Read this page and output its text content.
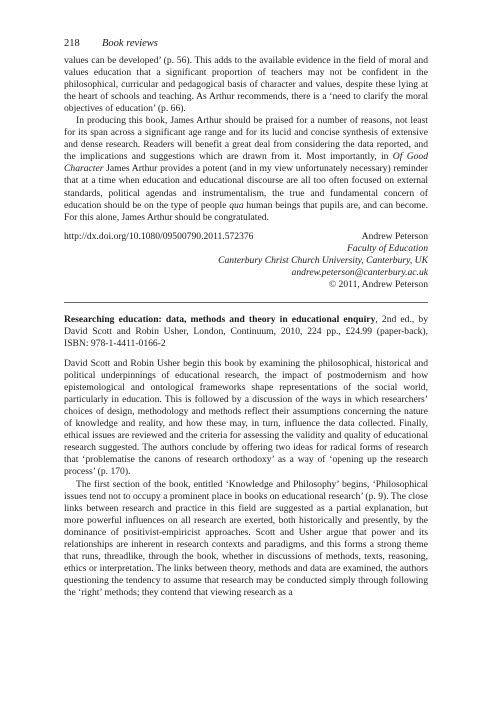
218 Book reviews

values can be developed’ (p. 56). This adds to the available evidence in the field of moral and values education that a significant proportion of teachers may not be confident in the philosophical, curricular and pedagogical basis of character and values, despite these lying at the heart of schools and teaching. As Arthur recommends, there is a ‘need to clarify the moral objectives of education’ (p. 66).

In producing this book, James Arthur should be praised for a number of reasons, not least for its span across a significant age range and for its lucid and concise synthesis of extensive and dense research. Readers will benefit a great deal from considering the data reported, and the implications and suggestions which are drawn from it. Most importantly, in Of Good Character James Arthur provides a potent (and in my view unfortunately necessary) reminder that at a time when education and educational discourse are all too often focused on external standards, political agendas and instrumentalism, the true and fundamental concern of education should be on the type of people qua human beings that pupils are, and can become. For this alone, James Arthur should be congratulated.

http://dx.doi.org/10.1080/09500790.2011.572376	Andrew Peterson
Faculty of Education
Canterbury Christ Church University, Canterbury, UK
andrew.peterson@canterbury.ac.uk
© 2011, Andrew Peterson
Researching education: data, methods and theory in educational enquiry, 2nd ed., by David Scott and Robin Usher, London, Continuum, 2010, 224 pp., £24.99 (paper-back), ISBN: 978-1-4411-0166-2

David Scott and Robin Usher begin this book by examining the philosophical, historical and political underpinnings of educational research, the impact of postmodernism and how epistemological and ontological frameworks shape representations of the social world, particularly in education. This is followed by a discussion of the ways in which researchers’ choices of design, methodology and methods reflect their assumptions concerning the nature of knowledge and reality, and how these may, in turn, influence the data collected. Finally, ethical issues are reviewed and the criteria for assessing the validity and quality of educational research suggested. The authors conclude by offering two ideas for radical forms of research that ‘problematise the canons of research orthodoxy’ as a way of ‘opening up the research process’ (p. 170).

The first section of the book, entitled ‘Knowledge and Philosophy’ begins, ‘Philosophical issues tend not to occupy a prominent place in books on educational research’ (p. 9). The close links between research and practice in this field are suggested as a partial explanation, but more powerful influences on all research are exerted, both historically and presently, by the dominance of positivist-empiricist approaches. Scott and Usher argue that power and its relationships are inherent in research contexts and paradigms, and this forms a strong theme that runs, threadlike, through the book, whether in discussions of methods, texts, reasoning, ethics or interpretation. The links between theory, methods and data are examined, the authors questioning the tendency to assume that research may be conducted simply through following the ‘right’ methods; they contend that viewing research as a
